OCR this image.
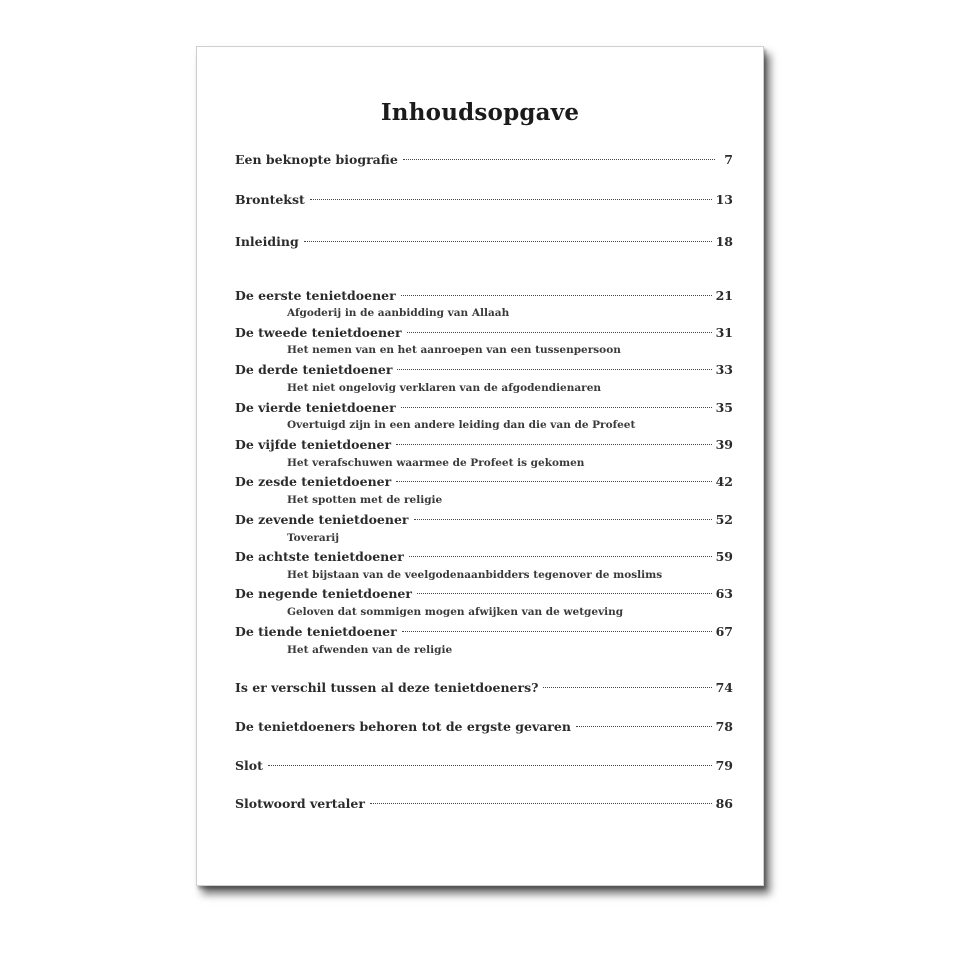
Inhoudsopgave
Een beknopte biografie	7
Brontekst	13
Inleiding	18
De eerste tenietdoener	21
Afgoderij in de aanbidding van Allaah
De tweede tenietdoener	31
Het nemen van en het aanroepen van een tussenpersoon
De derde tenietdoener	33
Het niet ongelovig verklaren van de afgodendienaren
De vierde tenietdoener	35
Overtuigd zijn in een andere leiding dan die van de Profeet
De vijfde tenietdoener	39
Het verafschuwen waarmee de Profeet is gekomen
De zesde tenietdoener	42
Het spotten met de religie
De zevende tenietdoener	52
Toverarij
De achtste tenietdoener	59
Het bijstaan van de veelgodenaanbidders tegenover de moslims
De negende tenietdoener	63
Geloven dat sommigen mogen afwijken van de wetgeving
De tiende tenietdoener	67
Het afwenden van de religie
Is er verschil tussen al deze tenietdoeners?	74
De tenietdoeners behoren tot de ergste gevaren	78
Slot	79
Slotwoord vertaler	86
